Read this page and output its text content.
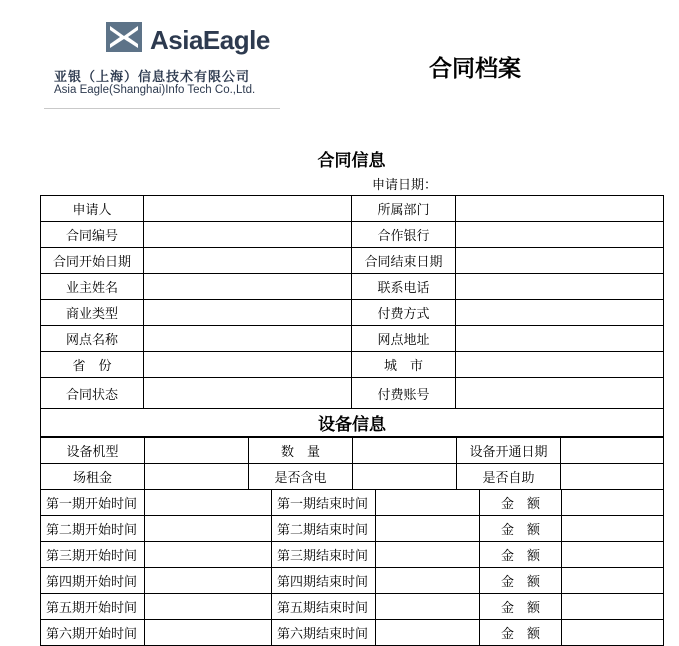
AsiaEagle
亚银（上海）信息技术有限公司
Asia Eagle(Shanghai)Info Tech Co.,Ltd.
合同档案
合同信息
申请日期：
申请人		所属部门	
合同编号		合作银行	
合同开始日期		合同结束日期	
业主姓名		联系电话	
商业类型		付费方式	
网点名称		网点地址	
省　份		城　市	
合同状态		付费账号	
设备信息			
设备机型		数　量		设备开通日期	
场租金		是否含电		是否自助	
第一期开始时间		第一期结束时间		金　额	
第二期开始时间		第二期结束时间		金　额	
第三期开始时间		第三期结束时间		金　额	
第四期开始时间		第四期结束时间		金　额	
第五期开始时间		第五期结束时间		金　额	
第六期开始时间		第六期结束时间		金　额	
